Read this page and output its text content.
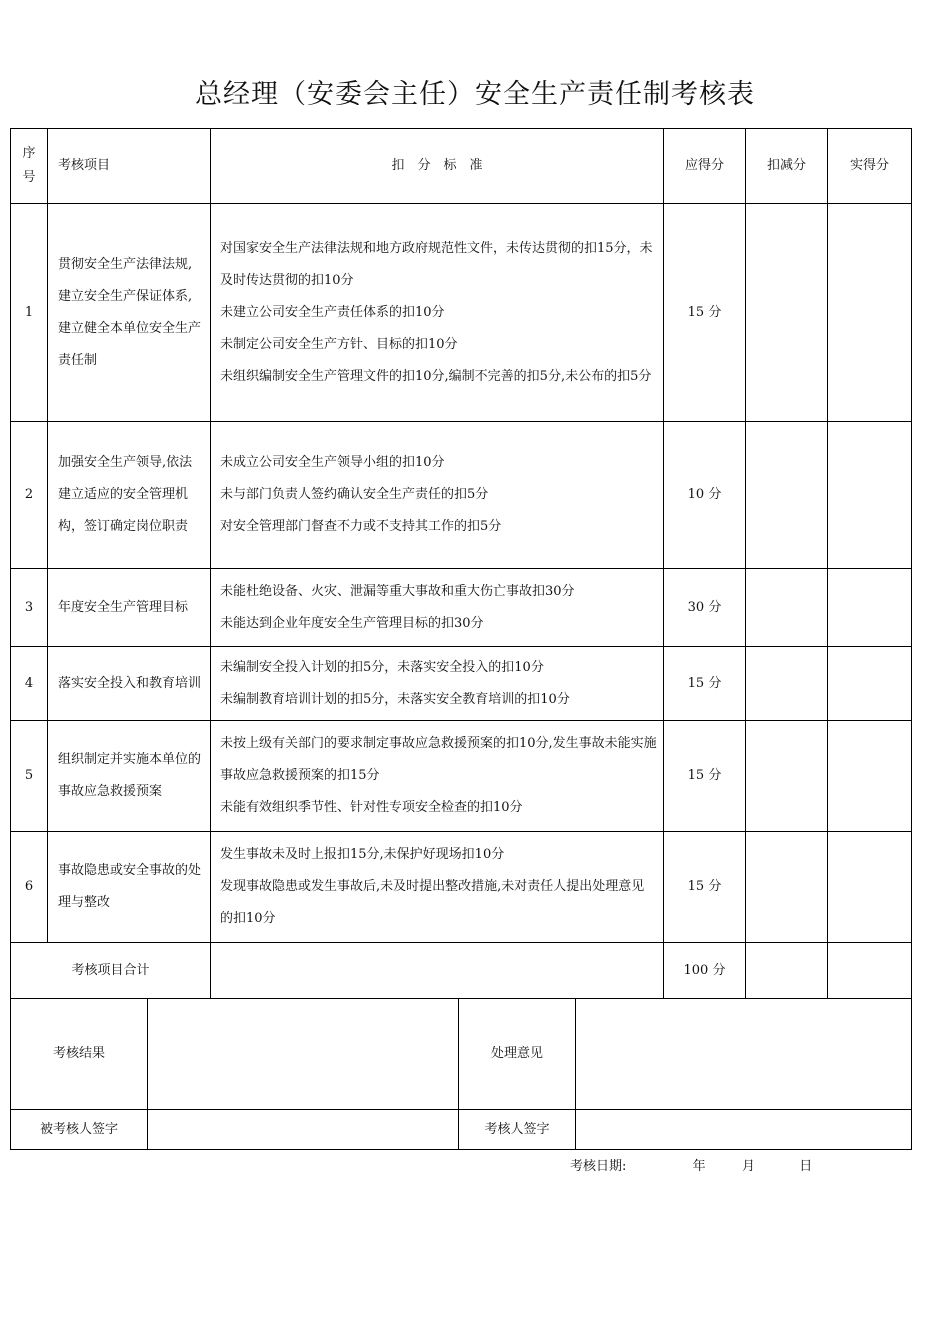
总经理（安委会主任）安全生产责任制考核表
序号	考核项目	扣　分　标　准	应得分	扣减分	实得分
1	贯彻安全生产法律法规,建立安全生产保证体系,建立健全本单位安全生产责任制	对国家安全生产法律法规和地方政府规范性文件，未传达贯彻的扣15分，未及时传达贯彻的扣10分
未建立公司安全生产责任体系的扣10分
未制定公司安全生产方针、目标的扣10分
未组织编制安全生产管理文件的扣10分,编制不完善的扣5分,未公布的扣5分	15 分		
2	加强安全生产领导,依法建立适应的安全管理机构，签订确定岗位职责	未成立公司安全生产领导小组的扣10分
未与部门负责人签约确认安全生产责任的扣5分
对安全管理部门督查不力或不支持其工作的扣5分	10 分		
3	年度安全生产管理目标	未能杜绝设备、火灾、泄漏等重大事故和重大伤亡事故扣30分
未能达到企业年度安全生产管理目标的扣30分	30 分		
4	落实安全投入和教育培训	未编制安全投入计划的扣5分，未落实安全投入的扣10分
未编制教育培训计划的扣5分，未落实安全教育培训的扣10分	15 分		
5	组织制定并实施本单位的事故应急救援预案	未按上级有关部门的要求制定事故应急救援预案的扣10分,发生事故未能实施事故应急救援预案的扣15分
未能有效组织季节性、针对性专项安全检查的扣10分	15 分		
6	事故隐患或安全事故的处理与整改	发生事故未及时上报扣15分,未保护好现场扣10分
发现事故隐患或发生事故后,未及时提出整改措施,未对责任人提出处理意见的扣10分	15 分		
考核项目合计			100 分		
考核结果		处理意见	
被考核人签字		考核人签字	
考核日期:	年	月	日
